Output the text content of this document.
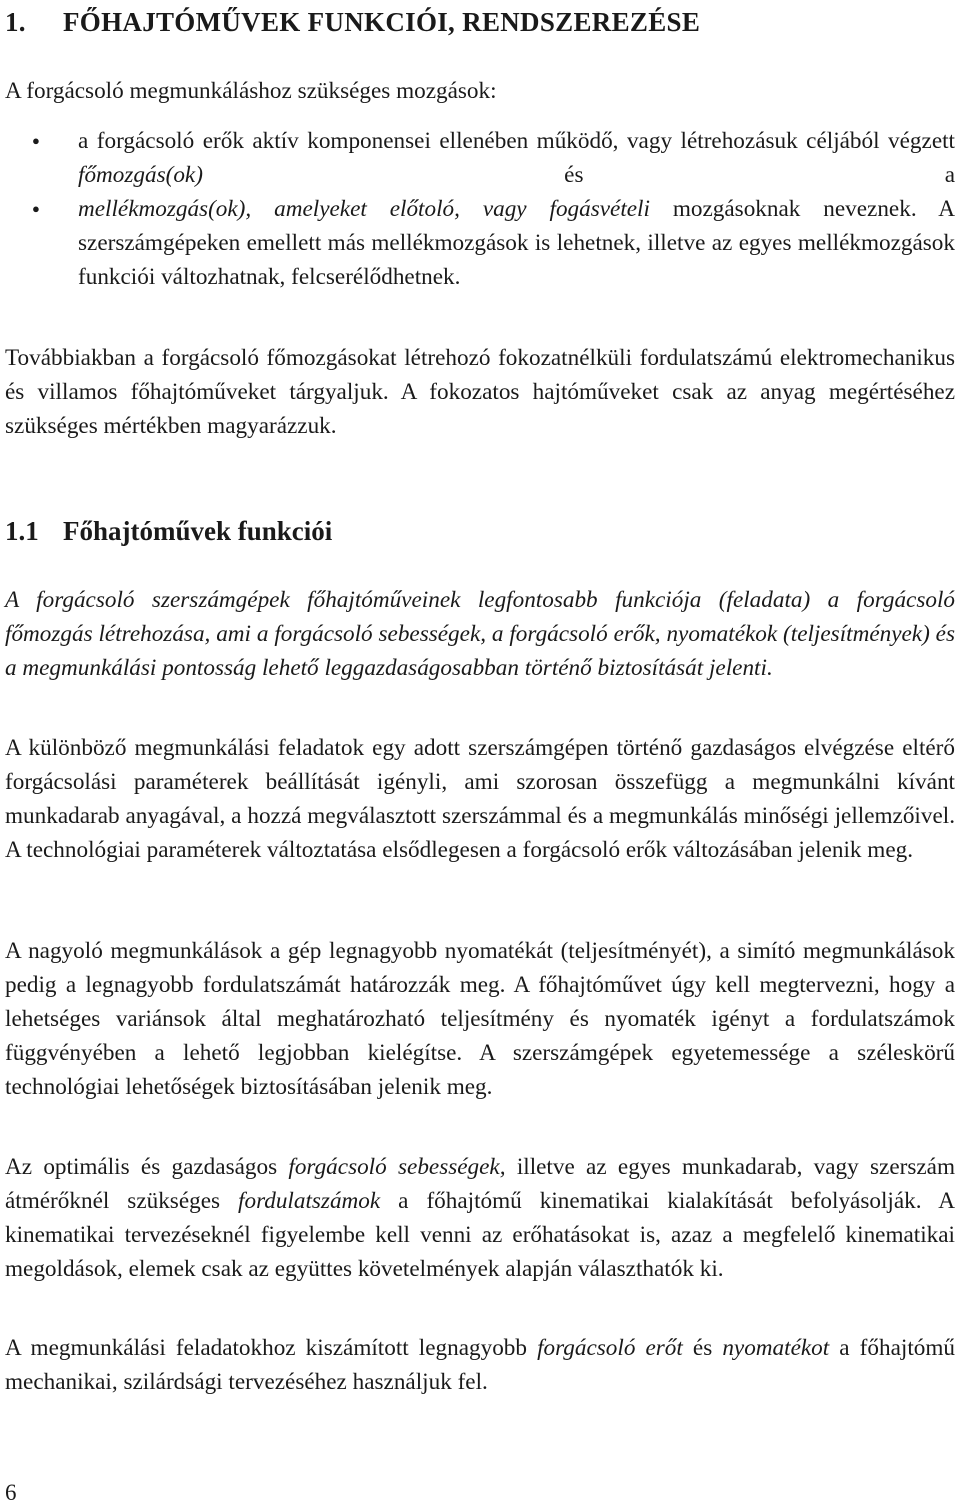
1. FŐHAJTÓMŰVEK FUNKCIÓI, RENDSZEREZÉSE

A forgácsoló megmunkáláshoz szükséges mozgások:

● a forgácsoló erők aktív komponensei ellenében működő, vagy létrehozásuk céljából végzett főmozgás(ok) és a
● mellékmozgás(ok), amelyeket előtoló, vagy fogásvételi mozgásoknak neveznek. A szerszámgépeken emellett más mellékmozgások is lehetnek, illetve az egyes mellékmozgások funkciói változhatnak, felcserélődhetnek.

Továbbiakban a forgácsoló főmozgásokat létrehozó fokozatnélküli fordulatszámú elektromechanikus és villamos főhajtóműveket tárgyaljuk. A fokozatos hajtóműveket csak az anyag megértéséhez szükséges mértékben magyarázzuk.

1.1 Főhajtóművek funkciói

A forgácsoló szerszámgépek főhajtóműveinek legfontosabb funkciója (feladata) a forgácsoló főmozgás létrehozása, ami a forgácsoló sebességek, a forgácsoló erők, nyomatékok (teljesítmények) és a megmunkálási pontosság lehető leggazdaságosabban történő biztosítását jelenti.

A különböző megmunkálási feladatok egy adott szerszámgépen történő gazdaságos elvégzése eltérő forgácsolási paraméterek beállítását igényli, ami szorosan összefügg a megmunkálni kívánt munkadarab anyagával, a hozzá megválasztott szerszámmal és a megmunkálás minőségi jellemzőivel. A technológiai paraméterek változtatása elsődlegesen a forgácsoló erők változásában jelenik meg.

A nagyoló megmunkálások a gép legnagyobb nyomatékát (teljesítményét), a simító megmunkálások pedig a legnagyobb fordulatszámát határozzák meg. A főhajtóművet úgy kell megtervezni, hogy a lehetséges variánsok által meghatározható teljesítmény és nyomaték igényt a fordulatszámok függvényében a lehető legjobban kielégítse. A szerszámgépek egyetemessége a széleskörű technológiai lehetőségek biztosításában jelenik meg.

Az optimális és gazdaságos forgácsoló sebességek, illetve az egyes munkadarab, vagy szerszám átmérőknél szükséges fordulatszámok a főhajtómű kinematikai kialakítását befolyásolják. A kinematikai tervezéseknél figyelembe kell venni az erőhatásokat is, azaz a megfelelő kinematikai megoldások, elemek csak az együttes követelmények alapján választhatók ki.

A megmunkálási feladatokhoz kiszámított legnagyobb forgácsoló erőt és nyomatékot a főhajtómű mechanikai, szilárdsági tervezéséhez használjuk fel.

6
